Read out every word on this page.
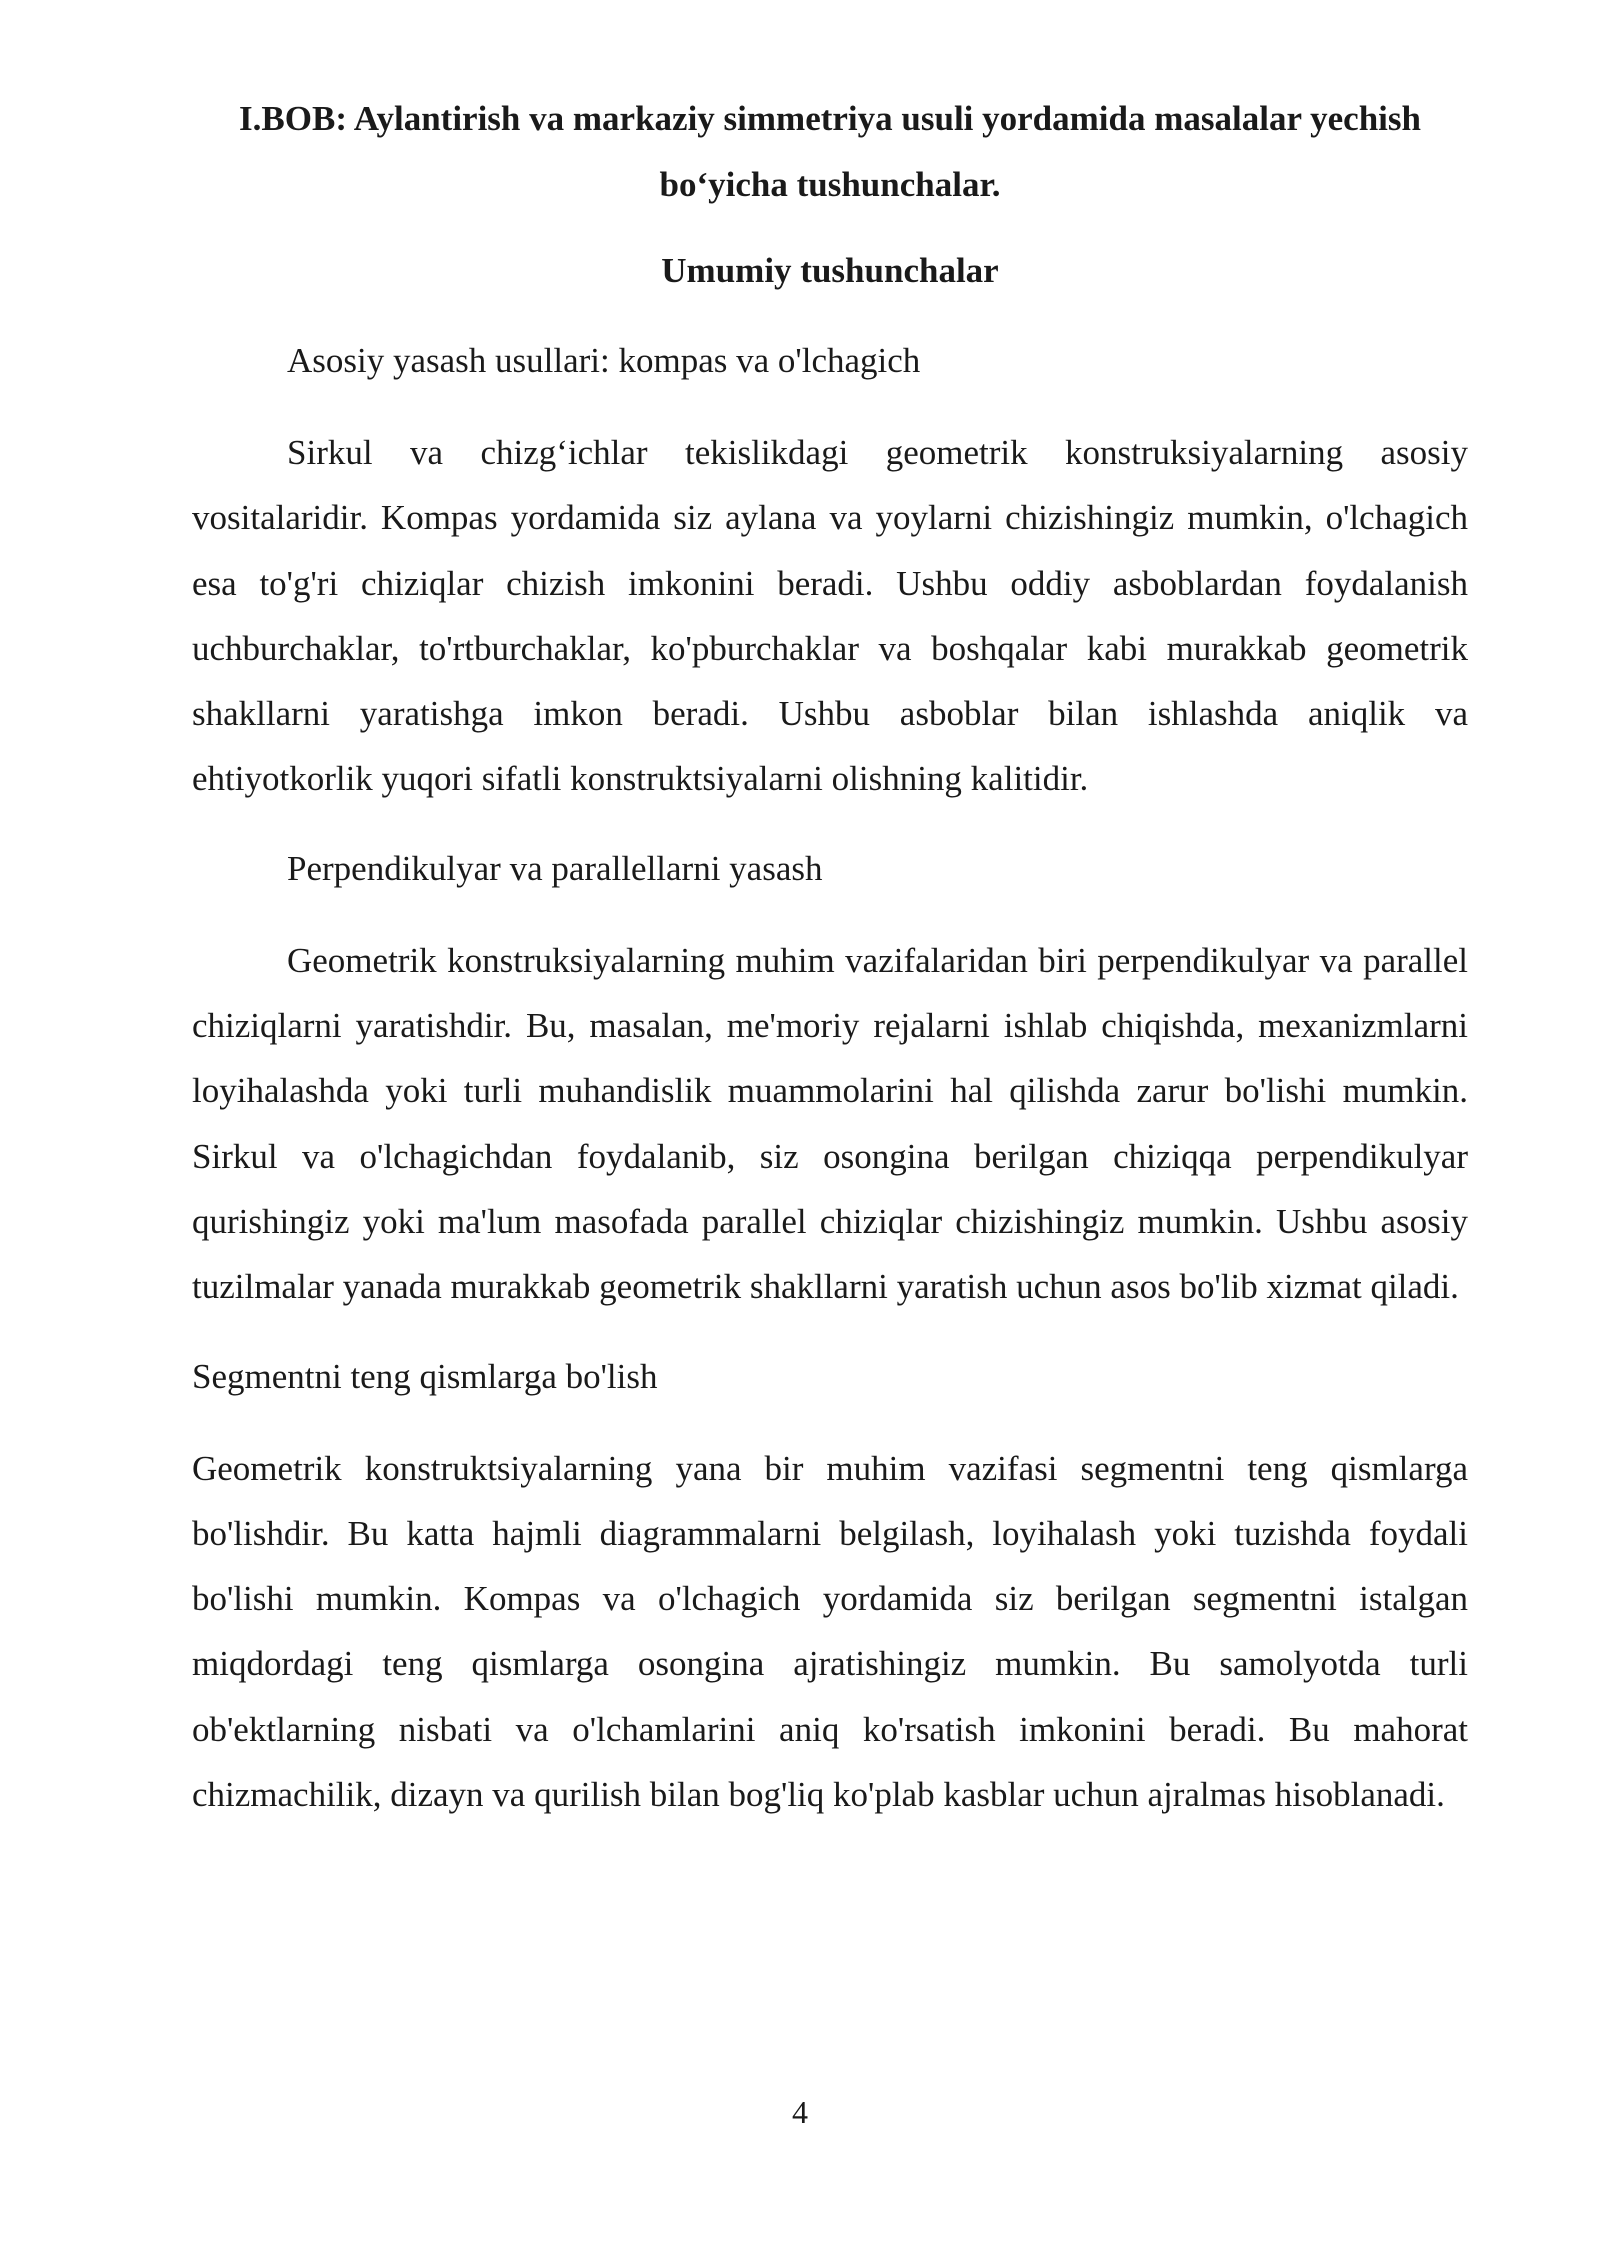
I.BOB: Aylantirish va markaziy simmetriya usuli yordamida masalalar yechish
bo‘yicha tushunchalar.
Umumiy tushunchalar

Asosiy yasash usullari: kompas va o'lchagich

Sirkul va chizg‘ichlar tekislikdagi geometrik konstruksiyalarning asosiy vositalaridir. Kompas yordamida siz aylana va yoylarni chizishingiz mumkin, o'lchagich esa to'g'ri chiziqlar chizish imkonini beradi. Ushbu oddiy asboblardan foydalanish uchburchaklar, to'rtburchaklar, ko'pburchaklar va boshqalar kabi murakkab geometrik shakllarni yaratishga imkon beradi. Ushbu asboblar bilan ishlashda aniqlik va ehtiyotkorlik yuqori sifatli konstruktsiyalarni olishning kalitidir.

Perpendikulyar va parallellarni yasash

Geometrik konstruksiyalarning muhim vazifalaridan biri perpendikulyar va parallel chiziqlarni yaratishdir. Bu, masalan, me'moriy rejalarni ishlab chiqishda, mexanizmlarni loyihalashda yoki turli muhandislik muammolarini hal qilishda zarur bo'lishi mumkin. Sirkul va o'lchagichdan foydalanib, siz osongina berilgan chiziqqa perpendikulyar qurishingiz yoki ma'lum masofada parallel chiziqlar chizishingiz mumkin. Ushbu asosiy tuzilmalar yanada murakkab geometrik shakllarni yaratish uchun asos bo'lib xizmat qiladi.

Segmentni teng qismlarga bo'lish

Geometrik konstruktsiyalarning yana bir muhim vazifasi segmentni teng qismlarga bo'lishdir. Bu katta hajmli diagrammalarni belgilash, loyihalash yoki tuzishda foydali bo'lishi mumkin. Kompas va o'lchagich yordamida siz berilgan segmentni istalgan miqdordagi teng qismlarga osongina ajratishingiz mumkin. Bu samolyotda turli ob'ektlarning nisbati va o'lchamlarini aniq ko'rsatish imkonini beradi. Bu mahorat chizmachilik, dizayn va qurilish bilan bog'liq ko'plab kasblar uchun ajralmas hisoblanadi.

4
